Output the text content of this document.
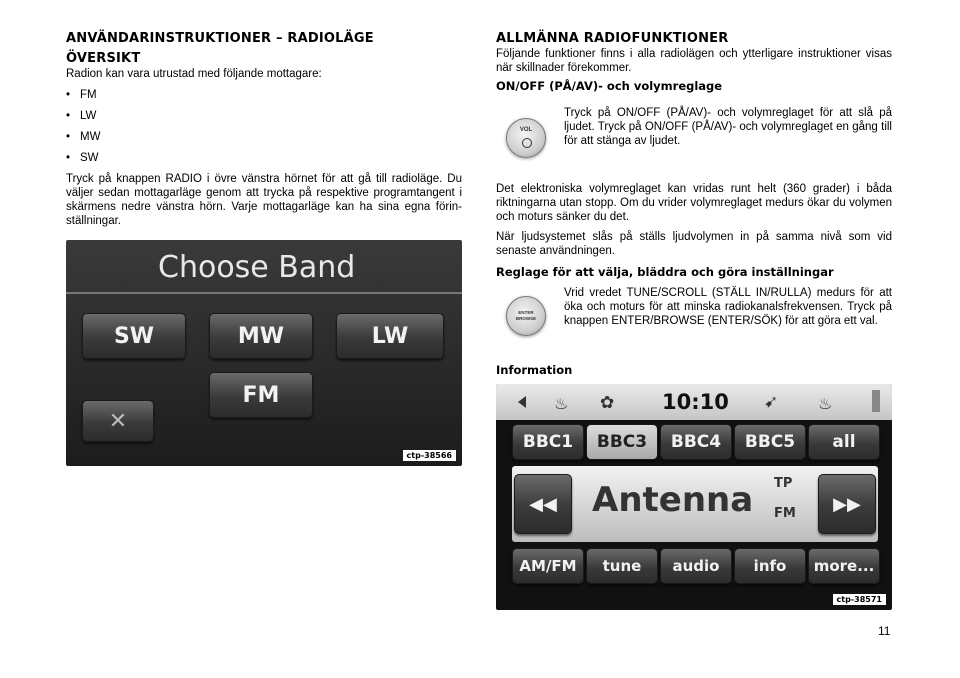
ANVÄNDARINSTRUKTIONER – RADIOLÄGE
ÖVERSIKT

Radion kan vara utrustad med följande mottagare:

• FM
• LW
• MW
• SW

Tryck på knappen RADIO i övre vänstra hörnet för att gå till radioläge. Du väljer sedan mottagarläge genom att trycka på respektive programtangent i skärmens nedre vänstra hörn. Varje mottagarläge kan ha sina egna förinställningar.

Choose Band
SW	MW	LW
FM
✕
ctp-38566
ALLMÄNNA RADIOFUNKTIONER

Följande funktioner finns i alla radiolägen och ytterligare instruktioner visas när skillnader förekommer.

ON/OFF (PÅ/AV)- och volymreglage
VOL

Tryck på ON/OFF (PÅ/AV)- och volymreglaget för att slå på ljudet. Tryck på ON/OFF (PÅ/AV)- och volymreglaget en gång till för att stänga av ljudet.

Det elektroniska volymreglaget kan vridas runt helt (360 grader) i båda riktningarna utan stopp. Om du vrider volymreglaget medurs ökar du volymen och moturs sänker du det.

När ljudsystemet slås på ställs ljudvolymen in på samma nivå som vid senaste användningen.

Reglage för att välja, bläddra och göra inställningar
ENTER BROWSE

Vrid vredet TUNE/SCROLL (STÄLL IN/RULLA) medurs för att öka och moturs för att minska radiokanalsfrekvensen. Tryck på knappen ENTER/BROWSE (ENTER/SÖK) för att göra ett val.

Information
♨ ✿ 10:10 ➹ ♨
BBC1	BBC3	BBC4	BBC5	all
◀◀	Antenna TP
FM	▶▶
AM/FM	tune	audio	info	more...
ctp-38571
11
